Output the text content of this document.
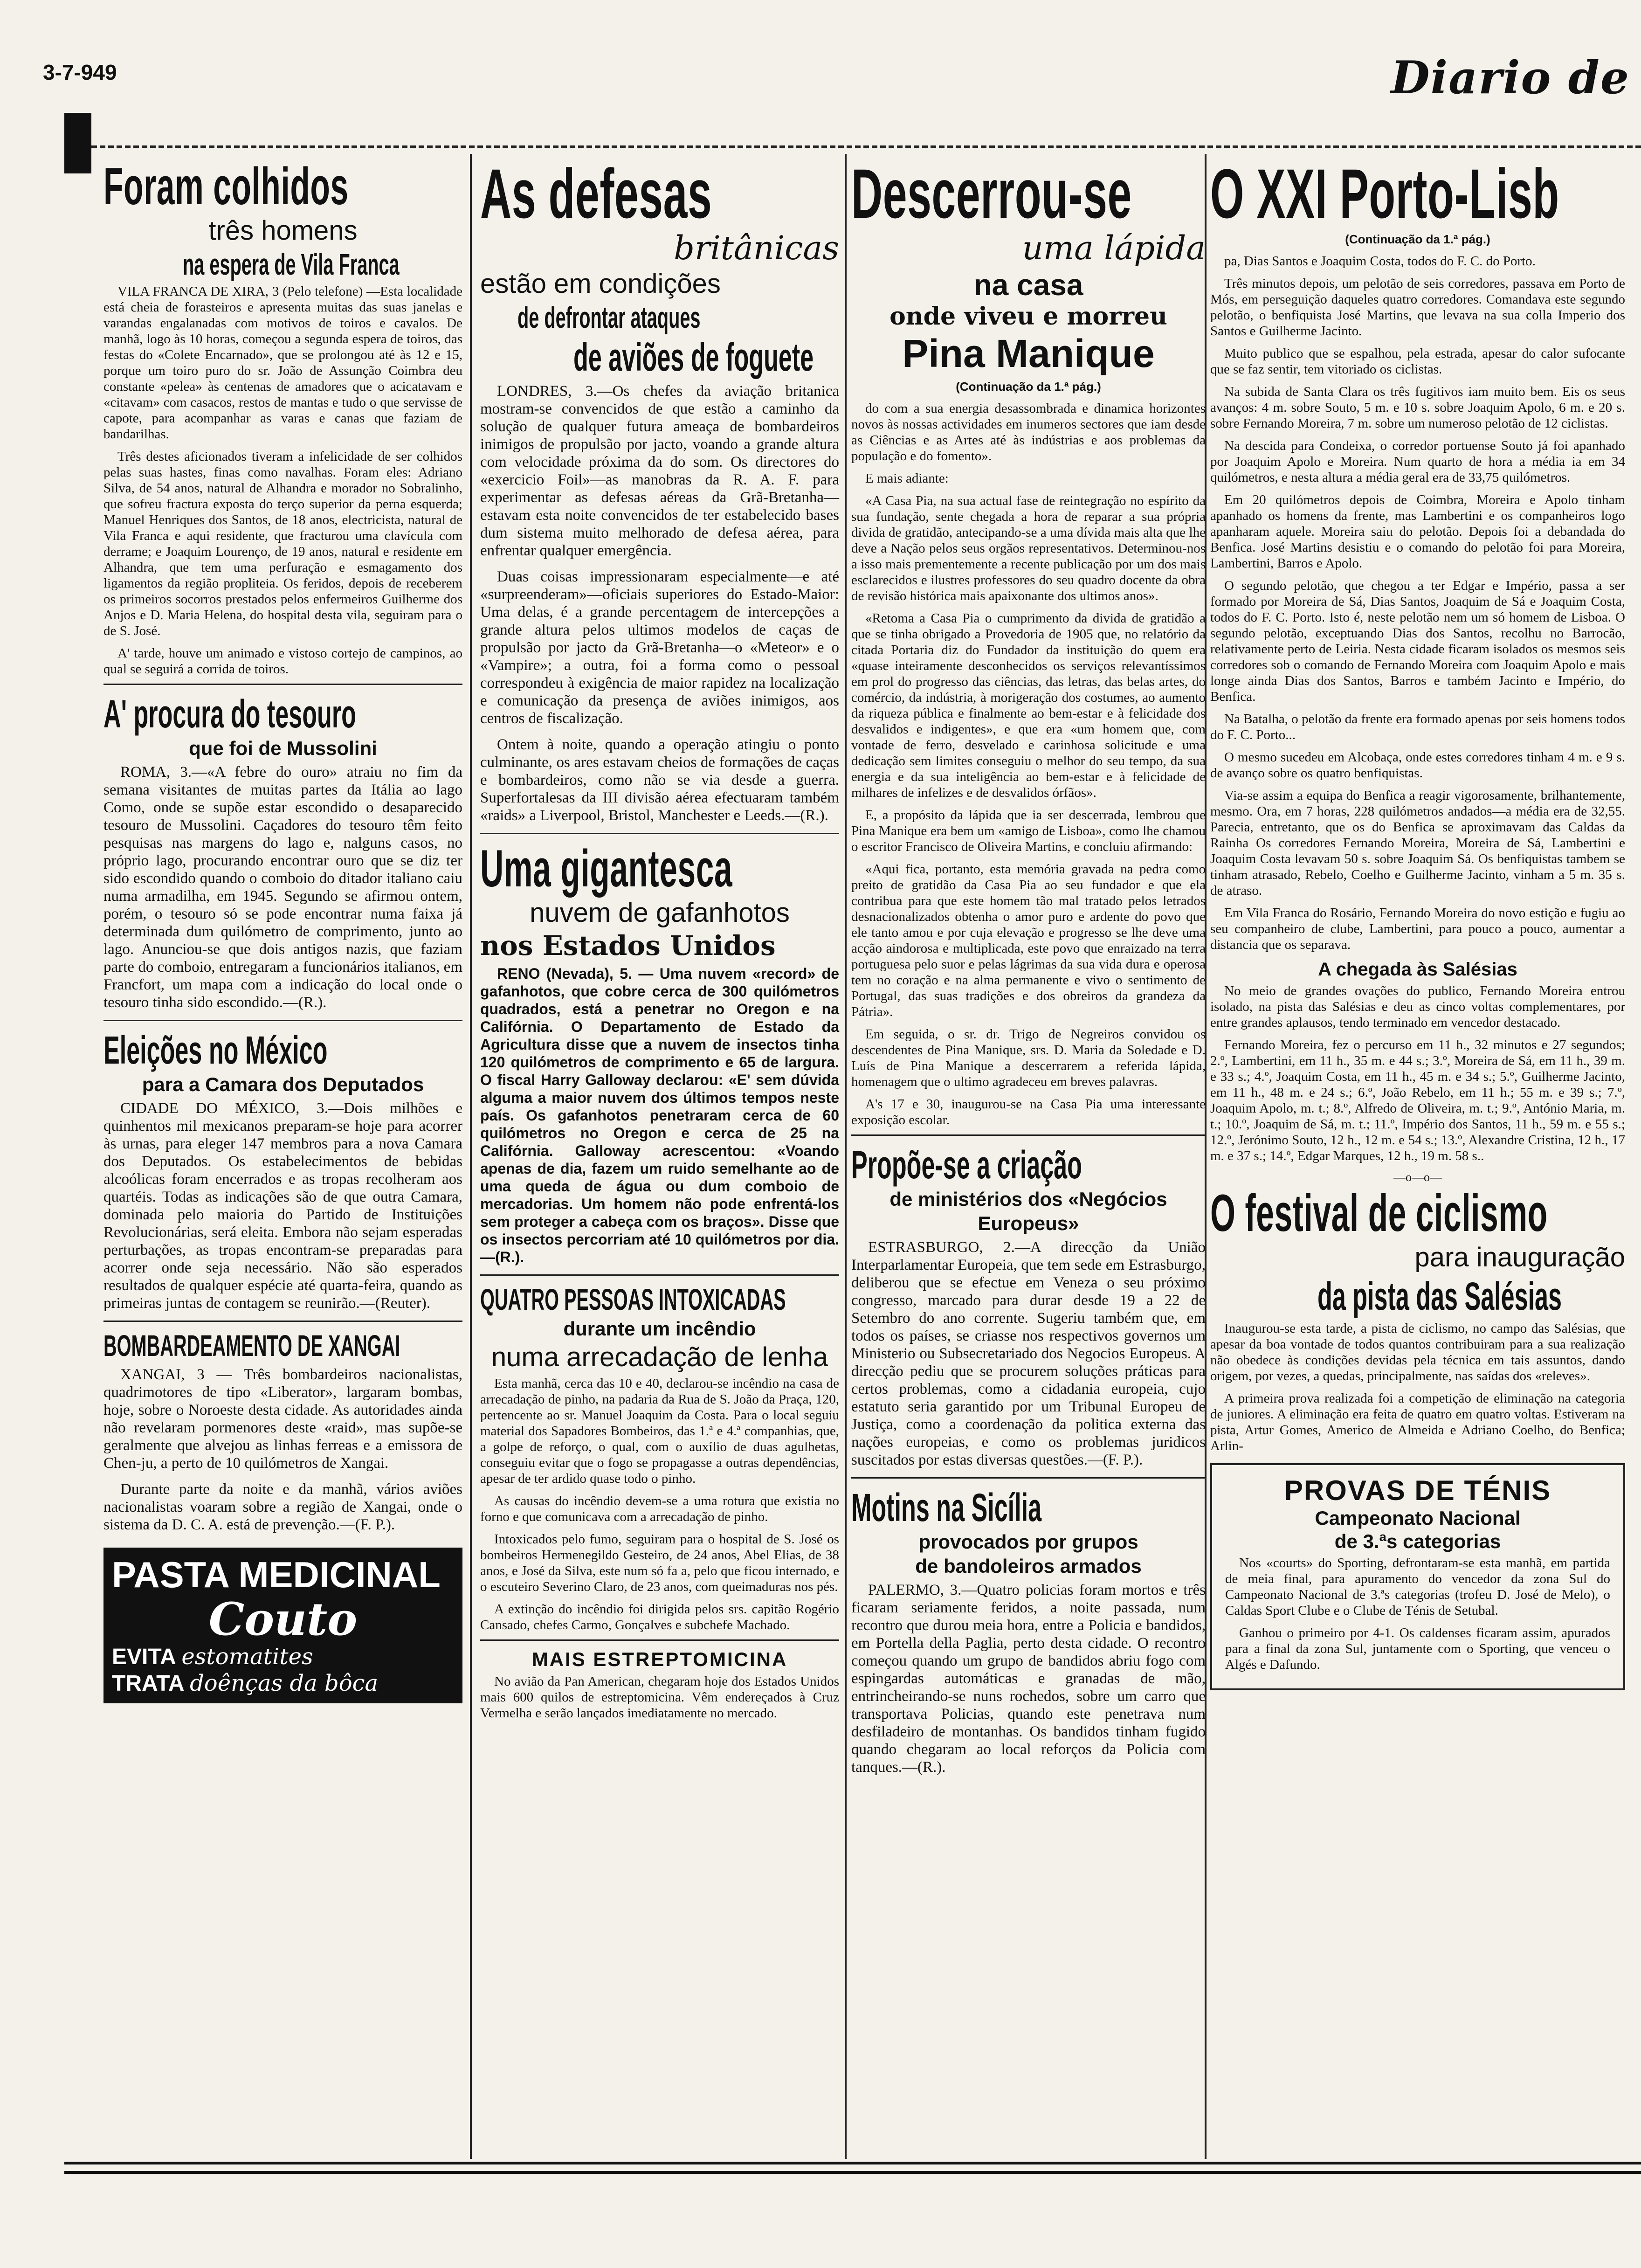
3-7-949	Diario de
Foram colhidos
três homens
na espera de Vila Franca

VILA FRANCA DE XIRA, 3 (Pelo telefone) —Esta localidade está cheia de forasteiros e apresenta muitas das suas janelas e varandas engalanadas com motivos de toiros e cavalos. De manhã, logo às 10 horas, começou a segunda espera de toiros, das festas do «Colete Encarnado», que se prolongou até às 12 e 15, porque um toiro puro do sr. João de Assunção Coimbra deu constante «pelea» às centenas de amadores que o acicatavam e «citavam» com casacos, restos de mantas e tudo o que servisse de capote, para acompanhar as varas e canas que faziam de bandarilhas.

Três destes aficionados tiveram a infelicidade de ser colhidos pelas suas hastes, finas como navalhas. Foram eles: Adriano Silva, de 54 anos, natural de Alhandra e morador no Sobralinho, que sofreu fractura exposta do terço superior da perna esquerda; Manuel Henriques dos Santos, de 18 anos, electricista, natural de Vila Franca e aqui residente, que fracturou uma clavícula com derrame; e Joaquim Lourenço, de 19 anos, natural e residente em Alhandra, que tem uma perfuração e esmagamento dos ligamentos da região propliteia. Os feridos, depois de receberem os primeiros socorros prestados pelos enfermeiros Guilherme dos Anjos e D. Maria Helena, do hospital desta vila, seguiram para o de S. José.

A' tarde, houve um animado e vistoso cortejo de campinos, ao qual se seguirá a corrida de toiros.

A' procura do tesouro
que foi de Mussolini

ROMA, 3.—«A febre do ouro» atraiu no fim da semana visitantes de muitas partes da Itália ao lago Como, onde se supõe estar escondido o desaparecido tesouro de Mussolini. Caçadores do tesouro têm feito pesquisas nas margens do lago e, nalguns casos, no próprio lago, procurando encontrar ouro que se diz ter sido escondido quando o comboio do ditador italiano caiu numa armadilha, em 1945. Segundo se afirmou ontem, porém, o tesouro só se pode encontrar numa faixa já determinada dum quilómetro de comprimento, junto ao lago. Anunciou-se que dois antigos nazis, que faziam parte do comboio, entregaram a funcionários italianos, em Francfort, um mapa com a indicação do local onde o tesouro tinha sido escondido.—(R.).

Eleições no México
para a Camara dos Deputados

CIDADE DO MÉXICO, 3.—Dois milhões e quinhentos mil mexicanos preparam-se hoje para acorrer às urnas, para eleger 147 membros para a nova Camara dos Deputados. Os estabelecimentos de bebidas alcoólicas foram encerrados e as tropas recolheram aos quartéis. Todas as indicações são de que outra Camara, dominada pelo maioria do Partido de Instituições Revolucionárias, será eleita. Embora não sejam esperadas perturbações, as tropas encontram-se preparadas para acorrer onde seja necessário. Não são esperados resultados de qualquer espécie até quarta-feira, quando as primeiras juntas de contagem se reunirão.—(Reuter).

BOMBARDEAMENTO DE XANGAI

XANGAI, 3 — Três bombardeiros nacionalistas, quadrimotores de tipo «Liberator», largaram bombas, hoje, sobre o Noroeste desta cidade. As autoridades ainda não revelaram pormenores deste «raid», mas supõe-se geralmente que alvejou as linhas ferreas e a emissora de Chen-ju, a perto de 10 quilómetros de Xangai.

Durante parte da noite e da manhã, vários aviões nacionalistas voaram sobre a região de Xangai, onde o sistema da D. C. A. está de prevenção.—(F. P.).

PASTA MEDICINAL
Couto
EVITA estomatites
TRATA doênças da bôca
As defesas
britânicas
estão em condições
de defrontar ataques
de aviões de foguete

LONDRES, 3.—Os chefes da aviação britanica mostram-se convencidos de que estão a caminho da solução de qualquer futura ameaça de bombardeiros inimigos de propulsão por jacto, voando a grande altura com velocidade próxima da do som. Os directores do «exercicio Foil»—as manobras da R. A. F. para experimentar as defesas aéreas da Grã-Bretanha—estavam esta noite convencidos de ter estabelecido bases dum sistema muito melhorado de defesa aérea, para enfrentar qualquer emergência.

Duas coisas impressionaram especialmente—e até «surpreenderam»—oficiais superiores do Estado-Maior: Uma delas, é a grande percentagem de intercepções a grande altura pelos ultimos modelos de caças de propulsão por jacto da Grã-Bretanha—o «Meteor» e o «Vampire»; a outra, foi a forma como o pessoal correspondeu à exigência de maior rapidez na localização e comunicação da presença de aviões inimigos, aos centros de fiscalização.

Ontem à noite, quando a operação atingiu o ponto culminante, os ares estavam cheios de formações de caças e bombardeiros, como não se via desde a guerra. Superfortalesas da III divisão aérea efectuaram também «raids» a Liverpool, Bristol, Manchester e Leeds.—(R.).

Uma gigantesca
nuvem de gafanhotos
nos Estados Unidos

RENO (Nevada), 5. — Uma nuvem «record» de gafanhotos, que cobre cerca de 300 quilómetros quadrados, está a penetrar no Oregon e na Califórnia. O Departamento de Estado da Agricultura disse que a nuvem de insectos tinha 120 quilómetros de comprimento e 65 de largura. O fiscal Harry Galloway declarou: «E' sem dúvida alguma a maior nuvem dos últimos tempos neste país. Os gafanhotos penetraram cerca de 60 quilómetros no Oregon e cerca de 25 na Califórnia. Galloway acrescentou: «Voando apenas de dia, fazem um ruido semelhante ao de uma queda de água ou dum comboio de mercadorias. Um homem não pode enfrentá-los sem proteger a cabeça com os braços». Disse que os insectos percorriam até 10 quilómetros por dia.—(R.).

QUATRO PESSOAS INTOXICADAS
durante um incêndio
numa arrecadação de lenha

Esta manhã, cerca das 10 e 40, declarou-se incêndio na casa de arrecadação de pinho, na padaria da Rua de S. João da Praça, 120, pertencente ao sr. Manuel Joaquim da Costa. Para o local seguiu material dos Sapadores Bombeiros, das 1.ª e 4.ª companhias, que, a golpe de reforço, o qual, com o auxílio de duas agulhetas, conseguiu evitar que o fogo se propagasse a outras dependências, apesar de ter ardido quase todo o pinho.

As causas do incêndio devem-se a uma rotura que existia no forno e que comunicava com a arrecadação de pinho.

Intoxicados pelo fumo, seguiram para o hospital de S. José os bombeiros Hermenegildo Gesteiro, de 24 anos, Abel Elias, de 38 anos, e José da Silva, este num só fa a, pelo que ficou internado, e o escuteiro Severino Claro, de 23 anos, com queimaduras nos pés.

A extinção do incêndio foi dirigida pelos srs. capitão Rogério Cansado, chefes Carmo, Gonçalves e subchefe Machado.

MAIS ESTREPTOMICINA

No avião da Pan American, chegaram hoje dos Estados Unidos mais 600 quilos de estreptomicina. Vêm endereçados à Cruz Vermelha e serão lançados imediatamente no mercado.

Descerrou-se
uma lápida
na casa
onde viveu e morreu
Pina Manique
(Continuação da 1.ª pág.)

do com a sua energia desassombrada e dinamica horizontes novos às nossas actividades em inumeros sectores que iam desde as Ciências e as Artes até às indústrias e aos problemas da população e do fomento».

E mais adiante:

«A Casa Pia, na sua actual fase de reintegração no espírito da sua fundação, sente chegada a hora de reparar a sua própria divida de gratidão, antecipando-se a uma dívida mais alta que lhe deve a Nação pelos seus orgãos representativos. Determinou-nos a isso mais prementemente a recente publicação por um dos mais esclarecidos e ilustres professores do seu quadro docente da obra de revisão histórica mais apaixonante dos ultimos anos».

«Retoma a Casa Pia o cumprimento da divida de gratidão a que se tinha obrigado a Provedoria de 1905 que, no relatório da citada Portaria diz do Fundador da instituição do quem era «quase inteiramente desconhecidos os serviços relevantíssimos em prol do progresso das ciências, das letras, das belas artes, do comércio, da indústria, à morigeração dos costumes, ao aumento da riqueza pública e finalmente ao bem-estar e à felicidade dos desvalidos e indigentes», e que era «um homem que, com vontade de ferro, desvelado e carinhosa solicitude e uma dedicação sem limites conseguiu o melhor do seu tempo, da sua energia e da sua inteligência ao bem-estar e à felicidade de milhares de infelizes e de desvalidos órfãos».

E, a propósito da lápida que ia ser descerrada, lembrou que Pina Manique era bem um «amigo de Lisboa», como lhe chamou o escritor Francisco de Oliveira Martins, e concluiu afirmando:

«Aqui fica, portanto, esta memória gravada na pedra como preito de gratidão da Casa Pia ao seu fundador e que ela contribua para que este homem tão mal tratado pelos letrados desnacionalizados obtenha o amor puro e ardente do povo que ele tanto amou e por cuja elevação e progresso se lhe deve uma acção aindorosa e multiplicada, este povo que enraizado na terra portuguesa pelo suor e pelas lágrimas da sua vida dura e operosa tem no coração e na alma permanente e vivo o sentimento de Portugal, das suas tradições e dos obreiros da grandeza da Pátria».

Em seguida, o sr. dr. Trigo de Negreiros convidou os descendentes de Pina Manique, srs. D. Maria da Soledade e D. Luís de Pina Manique a descerrarem a referida lápida, homenagem que o ultimo agradeceu em breves palavras.

A's 17 e 30, inaugurou-se na Casa Pia uma interessante exposição escolar.

Propõe-se a criação
de ministérios dos «Negócios Europeus»

ESTRASBURGO, 2.—A direcção da União Interparlamentar Europeia, que tem sede em Estrasburgo, deliberou que se efectue em Veneza o seu próximo congresso, marcado para durar desde 19 a 22 de Setembro do ano corrente. Sugeriu também que, em todos os países, se criasse nos respectivos governos um Ministerio ou Subsecretariado dos Negocios Europeus. A direcção pediu que se procurem soluções práticas para certos problemas, como a cidadania europeia, cujo estatuto seria garantido por um Tribunal Europeu de Justiça, como a coordenação da politica externa das nações europeias, e como os problemas juridicos suscitados por estas diversas questões.—(F. P.).

Motins na Sicília
provocados por grupos
de bandoleiros armados

PALERMO, 3.—Quatro policias foram mortos e três ficaram seriamente feridos, a noite passada, num recontro que durou meia hora, entre a Policia e bandidos, em Portella della Paglia, perto desta cidade. O recontro começou quando um grupo de bandidos abriu fogo com espingardas automáticas e granadas de mão, entrincheirando-se nuns rochedos, sobre um carro que transportava Policias, quando este penetrava num desfiladeiro de montanhas. Os bandidos tinham fugido quando chegaram ao local reforços da Policia com tanques.—(R.).

O XXI Porto-Lisb
(Continuação da 1.ª pág.)

pa, Dias Santos e Joaquim Costa, todos do F. C. do Porto.

Três minutos depois, um pelotão de seis corredores, passava em Porto de Mós, em perseguição daqueles quatro corredores. Comandava este segundo pelotão, o benfiquista José Martins, que levava na sua colla Imperio dos Santos e Guilherme Jacinto.

Muito publico que se espalhou, pela estrada, apesar do calor sufocante que se faz sentir, tem vitoriado os ciclistas.

Na subida de Santa Clara os três fugitivos iam muito bem. Eis os seus avanços: 4 m. sobre Souto, 5 m. e 10 s. sobre Joaquim Apolo, 6 m. e 20 s. sobre Fernando Moreira, 7 m. sobre um numeroso pelotão de 12 ciclistas.

Na descida para Condeixa, o corredor portuense Souto já foi apanhado por Joaquim Apolo e Moreira. Num quarto de hora a média ia em 34 quilómetros, e nesta altura a média geral era de 33,75 quilómetros.

Em 20 quilómetros depois de Coimbra, Moreira e Apolo tinham apanhado os homens da frente, mas Lambertini e os companheiros logo apanharam aquele. Moreira saiu do pelotão. Depois foi a debandada do Benfica. José Martins desistiu e o comando do pelotão foi para Moreira, Lambertini, Barros e Apolo.

O segundo pelotão, que chegou a ter Edgar e Império, passa a ser formado por Moreira de Sá, Dias Santos, Joaquim de Sá e Joaquim Costa, todos do F. C. Porto. Isto é, neste pelotão nem um só homem de Lisboa. O segundo pelotão, exceptuando Dias dos Santos, recolhu no Barrocão, relativamente perto de Leiria. Nesta cidade ficaram isolados os mesmos seis corredores sob o comando de Fernando Moreira com Joaquim Apolo e mais longe ainda Dias dos Santos, Barros e também Jacinto e Império, do Benfica.

Na Batalha, o pelotão da frente era formado apenas por seis homens todos do F. C. Porto...

O mesmo sucedeu em Alcobaça, onde estes corredores tinham 4 m. e 9 s. de avanço sobre os quatro benfiquistas.

Via-se assim a equipa do Benfica a reagir vigorosamente, brilhantemente, mesmo. Ora, em 7 horas, 228 quilómetros andados—a média era de 32,55. Parecia, entretanto, que os do Benfica se aproximavam das Caldas da Rainha Os corredores Fernando Moreira, Moreira de Sá, Lambertini e Joaquim Costa levavam 50 s. sobre Joaquim Sá. Os benfiquistas tambem se tinham atrasado, Rebelo, Coelho e Guilherme Jacinto, vinham a 5 m. 35 s. de atraso.

Em Vila Franca do Rosário, Fernando Moreira do novo estição e fugiu ao seu companheiro de clube, Lambertini, para pouco a pouco, aumentar a distancia que os separava.

A chegada às Salésias

No meio de grandes ovações do publico, Fernando Moreira entrou isolado, na pista das Salésias e deu as cinco voltas complementares, por entre grandes aplausos, tendo terminado em vencedor destacado.

Fernando Moreira, fez o percurso em 11 h., 32 minutos e 27 segundos; 2.º, Lambertini, em 11 h., 35 m. e 44 s.; 3.º, Moreira de Sá, em 11 h., 39 m. e 33 s.; 4.º, Joaquim Costa, em 11 h., 45 m. e 34 s.; 5.º, Guilherme Jacinto, em 11 h., 48 m. e 24 s.; 6.º, João Rebelo, em 11 h.; 55 m. e 39 s.; 7.º, Joaquim Apolo, m. t.; 8.º, Alfredo de Oliveira, m. t.; 9.º, António Maria, m. t.; 10.º, Joaquim de Sá, m. t.; 11.º, Império dos Santos, 11 h., 59 m. e 55 s.; 12.º, Jerónimo Souto, 12 h., 12 m. e 54 s.; 13.º, Alexandre Cristina, 12 h., 17 m. e 37 s.; 14.º, Edgar Marques, 12 h., 19 m. 58 s..

—o—o—
O festival de ciclismo
para inauguração
da pista das Salésias

Inaugurou-se esta tarde, a pista de ciclismo, no campo das Salésias, que apesar da boa vontade de todos quantos contribuiram para a sua realização não obedece às condições devidas pela técnica em tais assuntos, dando origem, por vezes, a quedas, principalmente, nas saídas dos «releves».

A primeira prova realizada foi a competição de eliminação na categoria de juniores. A eliminação era feita de quatro em quatro voltas. Estiveram na pista, Artur Gomes, Americo de Almeida e Adriano Coelho, do Benfica; Arlin-

PROVAS DE TÉNIS
Campeonato Nacional
de 3.ªs categorias

Nos «courts» do Sporting, defrontaram-se esta manhã, em partida de meia final, para apuramento do vencedor da zona Sul do Campeonato Nacional de 3.ªs categorias (trofeu D. José de Melo), o Caldas Sport Clube e o Clube de Ténis de Setubal.

Ganhou o primeiro por 4-1. Os caldenses ficaram assim, apurados para a final da zona Sul, juntamente com o Sporting, que venceu o Algés e Dafundo.
